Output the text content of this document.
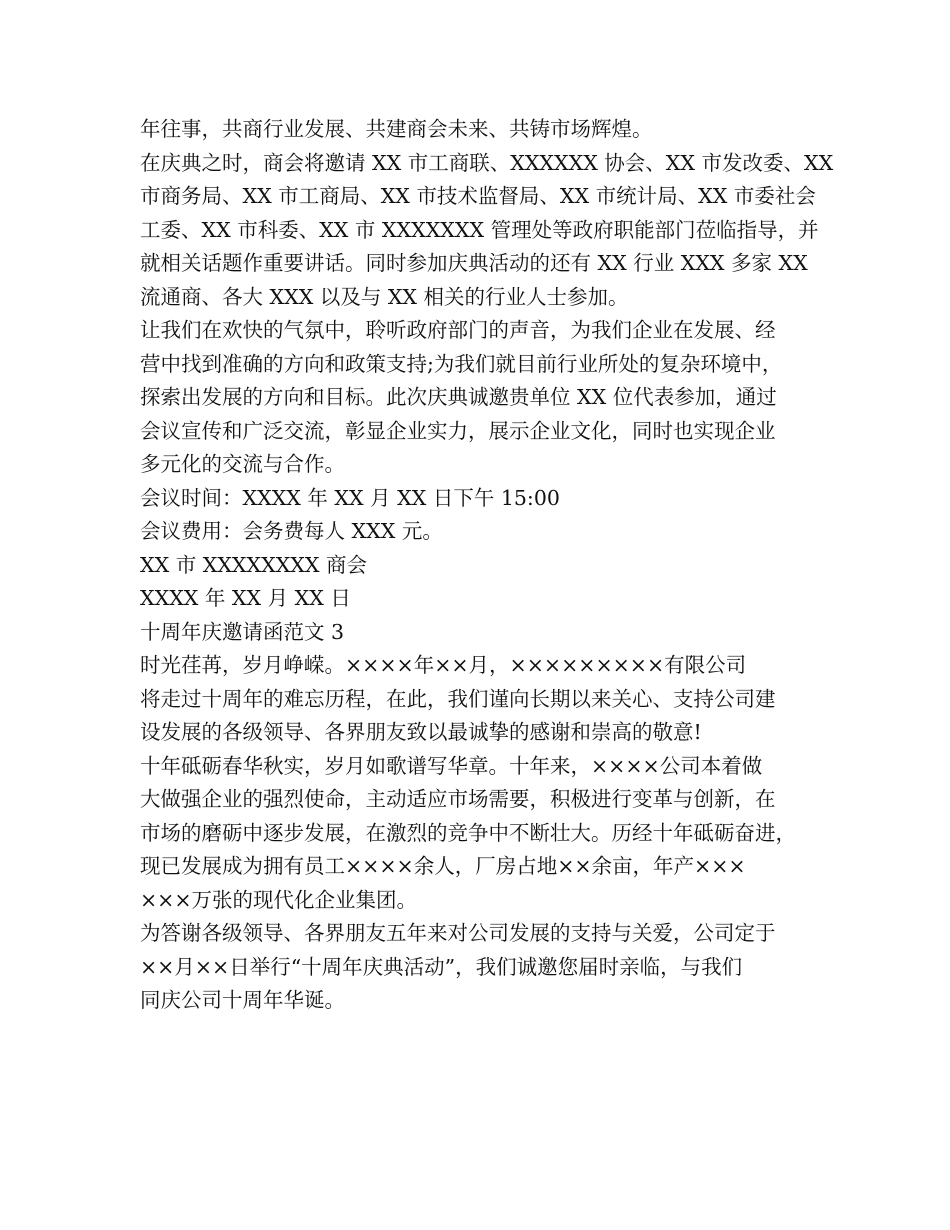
年往事，共商行业发展、共建商会未来、共铸市场辉煌。
在庆典之时，商会将邀请 XX 市工商联、XXXXXX 协会、XX 市发改委、XX
市商务局、XX 市工商局、XX 市技术监督局、XX 市统计局、XX 市委社会
工委、XX 市科委、XX 市 XXXXXXX 管理处等政府职能部门莅临指导，并
就相关话题作重要讲话。同时参加庆典活动的还有 XX 行业 XXX 多家 XX
流通商、各大 XXX 以及与 XX 相关的行业人士参加。
让我们在欢快的气氛中，聆听政府部门的声音，为我们企业在发展、经
营中找到准确的方向和政策支持;为我们就目前行业所处的复杂环境中，
探索出发展的方向和目标。此次庆典诚邀贵单位 XX 位代表参加，通过
会议宣传和广泛交流，彰显企业实力，展示企业文化，同时也实现企业
多元化的交流与合作。
会议时间：XXXX 年 XX 月 XX 日下午 15:00
会议费用：会务费每人 XXX 元。
XX 市 XXXXXXXX 商会
XXXX 年 XX 月 XX 日
十周年庆邀请函范文 3
时光荏苒，岁月峥嵘。××××年××月，×××××××××有限公司
将走过十周年的难忘历程，在此，我们谨向长期以来关心、支持公司建
设发展的各级领导、各界朋友致以最诚挚的感谢和崇高的敬意!
十年砥砺春华秋实，岁月如歌谱写华章。十年来，××××公司本着做
大做强企业的强烈使命，主动适应市场需要，积极进行变革与创新，在
市场的磨砺中逐步发展，在激烈的竞争中不断壮大。历经十年砥砺奋进，
现已发展成为拥有员工××××余人，厂房占地××余亩，年产×××
×××万张的现代化企业集团。
为答谢各级领导、各界朋友五年来对公司发展的支持与关爱，公司定于
××月××日举行“十周年庆典活动”，我们诚邀您届时亲临，与我们
同庆公司十周年华诞。
